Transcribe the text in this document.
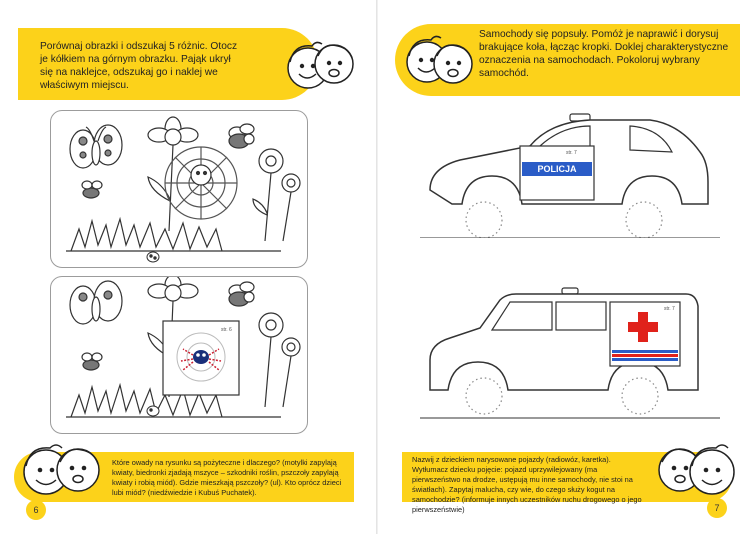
Porównaj obrazki i odszukaj 5 różnic. Otocz je kółkiem na górnym obrazku. Pająk ukrył się na naklejce, odszukaj go i naklej we właściwym miejscu.
str. 6
Które owady na rysunku są pożyteczne i dlaczego? (motylki zapylają kwiaty, biedronki zjadają mszyce – szkodniki roślin, pszczoły zapylają kwiaty i robią miód). Gdzie mieszkają pszczoły? (ul). Kto oprócz dzieci lubi miód? (niedźwiedzie i Kubuś Puchatek).
6
Samochody się popsuły. Pomóż je naprawić i dorysuj brakujące koła, łącząc kropki. Doklej charakterystyczne oznaczenia na samochodach. Pokoloruj wybrany samochód.
str. 7
POLICJA
str. 7
Nazwij z dzieckiem narysowane pojazdy (radiowóz, karetka). Wytłumacz dziecku pojęcie: pojazd uprzywilejowany (ma pierwszeństwo na drodze, ustępują mu inne samochody, nie stoi na światłach). Zapytaj malucha, czy wie, do czego służy kogut na samochodzie? (informuje innych uczestników ruchu drogowego o jego pierwszeństwie)	7
